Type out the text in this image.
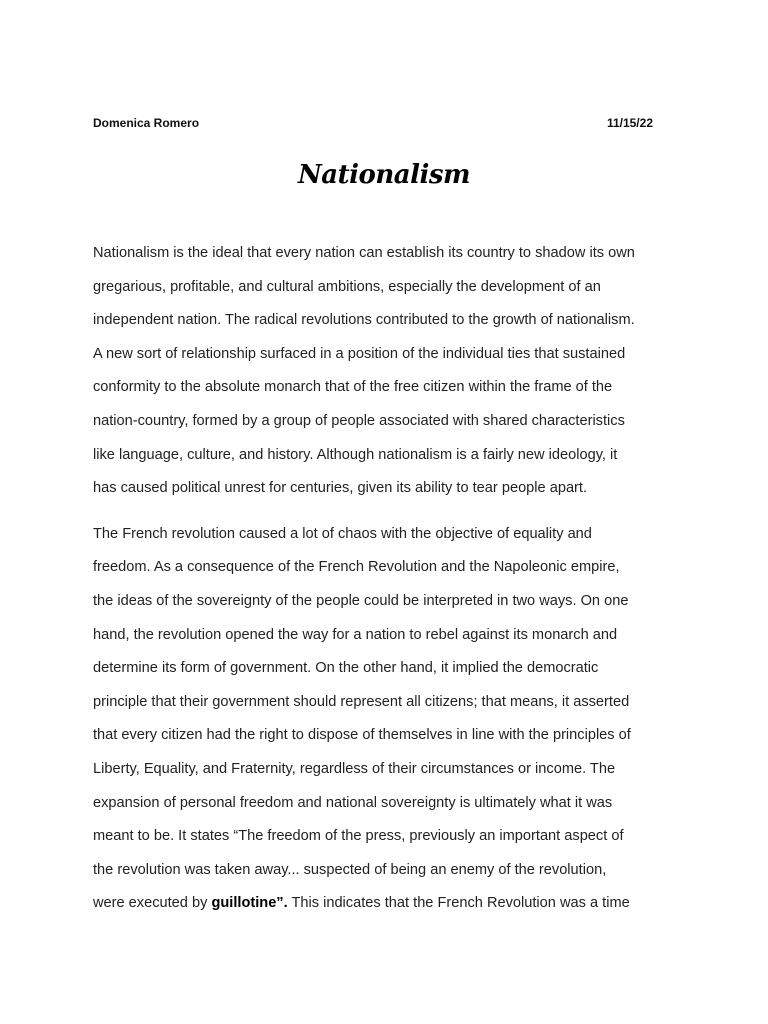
Domenica Romero	11/15/22
Nationalism

Nationalism is the ideal that every nation can establish its country to shadow its own
gregarious, profitable, and cultural ambitions, especially the development of an
independent nation. The radical revolutions contributed to the growth of nationalism.
A new sort of relationship surfaced in a position of the individual ties that sustained
conformity to the absolute monarch that of the free citizen within the frame of the
nation-country, formed by a group of people associated with shared characteristics
like language, culture, and history. Although nationalism is a fairly new ideology, it
has caused political unrest for centuries, given its ability to tear people apart.

The French revolution caused a lot of chaos with the objective of equality and
freedom. As a consequence of the French Revolution and the Napoleonic empire,
the ideas of the sovereignty of the people could be interpreted in two ways. On one
hand, the revolution opened the way for a nation to rebel against its monarch and
determine its form of government. On the other hand, it implied the democratic
principle that their government should represent all citizens; that means, it asserted
that every citizen had the right to dispose of themselves in line with the principles of
Liberty, Equality, and Fraternity, regardless of their circumstances or income. The
expansion of personal freedom and national sovereignty is ultimately what it was
meant to be. It states “The freedom of the press, previously an important aspect of
the revolution was taken away... suspected of being an enemy of the revolution,
were executed by guillotine”. This indicates that the French Revolution was a time
